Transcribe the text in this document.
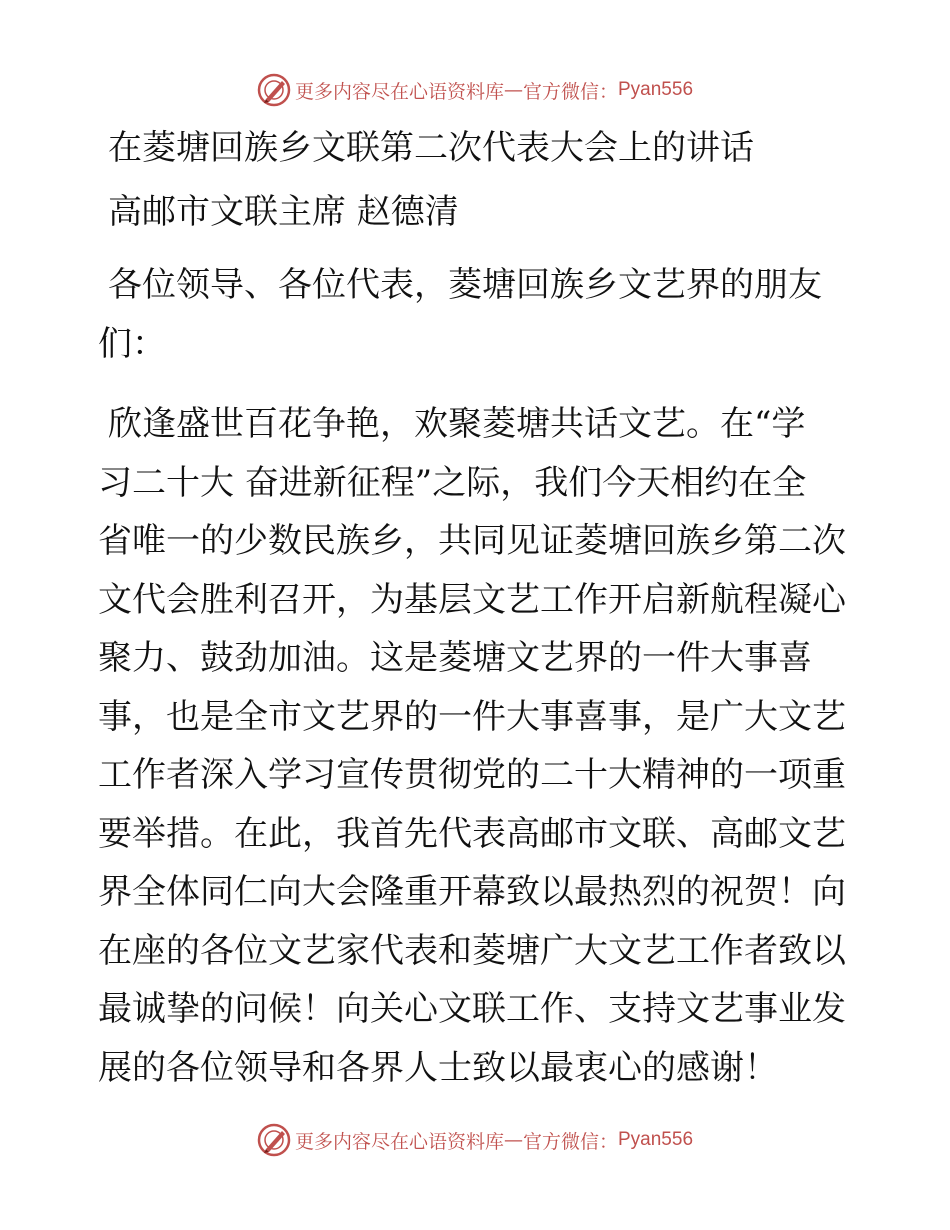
更多内容尽在心语资料库 — 官方微信： Pyan556

在菱塘回族乡文联第二次代表大会上的讲话

高邮市文联主席 赵德清

各位领导、各位代表，菱塘回族乡文艺界的朋友

们：

欣逢盛世百花争艳，欢聚菱塘共话文艺。在“学

习二十大 奋进新征程”之际，我们今天相约在全

省唯一的少数民族乡，共同见证菱塘回族乡第二次

文代会胜利召开，为基层文艺工作开启新航程凝心

聚力、鼓劲加油。这是菱塘文艺界的一件大事喜

事，也是全市文艺界的一件大事喜事，是广大文艺

工作者深入学习宣传贯彻党的二十大精神的一项重

要举措。在此，我首先代表高邮市文联、高邮文艺

界全体同仁向大会隆重开幕致以最热烈的祝贺！向

在座的各位文艺家代表和菱塘广大文艺工作者致以

最诚挚的问候！向关心文联工作、支持文艺事业发

展的各位领导和各界人士致以最衷心的感谢！

更多内容尽在心语资料库 — 官方微信： Pyan556
